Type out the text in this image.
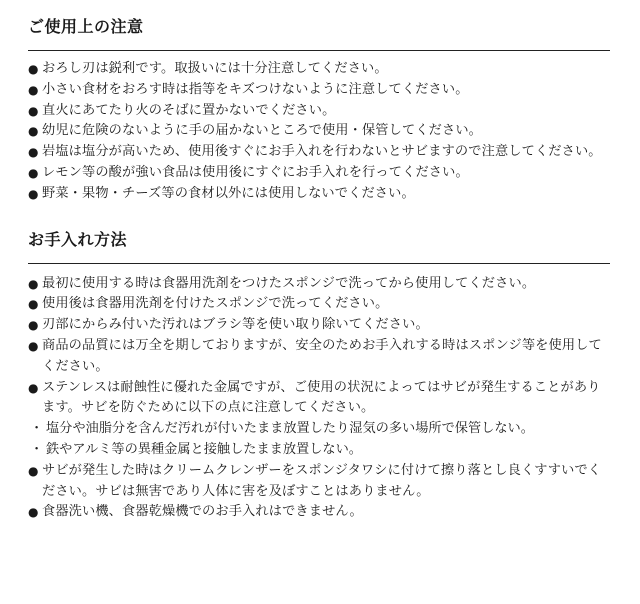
ご使用上の注意
● おろし刃は鋭利です。取扱いには十分注意してください。
● 小さい食材をおろす時は指等をキズつけないように注意してください。
● 直火にあてたり火のそばに置かないでください。
● 幼児に危険のないように手の届かないところで使用・保管してください。
● 岩塩は塩分が高いため、使用後すぐにお手入れを行わないとサビますので注意してください。
● レモン等の酸が強い食品は使用後にすぐにお手入れを行ってください。
● 野菜・果物・チーズ等の食材以外には使用しないでください。
お手入れ方法
● 最初に使用する時は食器用洗剤をつけたスポンジで洗ってから使用してください。
● 使用後は食器用洗剤を付けたスポンジで洗ってください。
● 刃部にからみ付いた汚れはブラシ等を使い取り除いてください。
● 商品の品質には万全を期しておりますが、安全のためお手入れする時はスポンジ等を使用してください。
● ステンレスは耐蝕性に優れた金属ですが、ご使用の状況によってはサビが発生することがあります。サビを防ぐために以下の点に注意してください。
・ 塩分や油脂分を含んだ汚れが付いたまま放置したり湿気の多い場所で保管しない。
・ 鉄やアルミ等の異種金属と接触したまま放置しない。
● サビが発生した時はクリームクレンザーをスポンジタワシに付けて擦り落とし良くすすいでください。サビは無害であり人体に害を及ぼすことはありません。
● 食器洗い機、食器乾燥機でのお手入れはできません。
